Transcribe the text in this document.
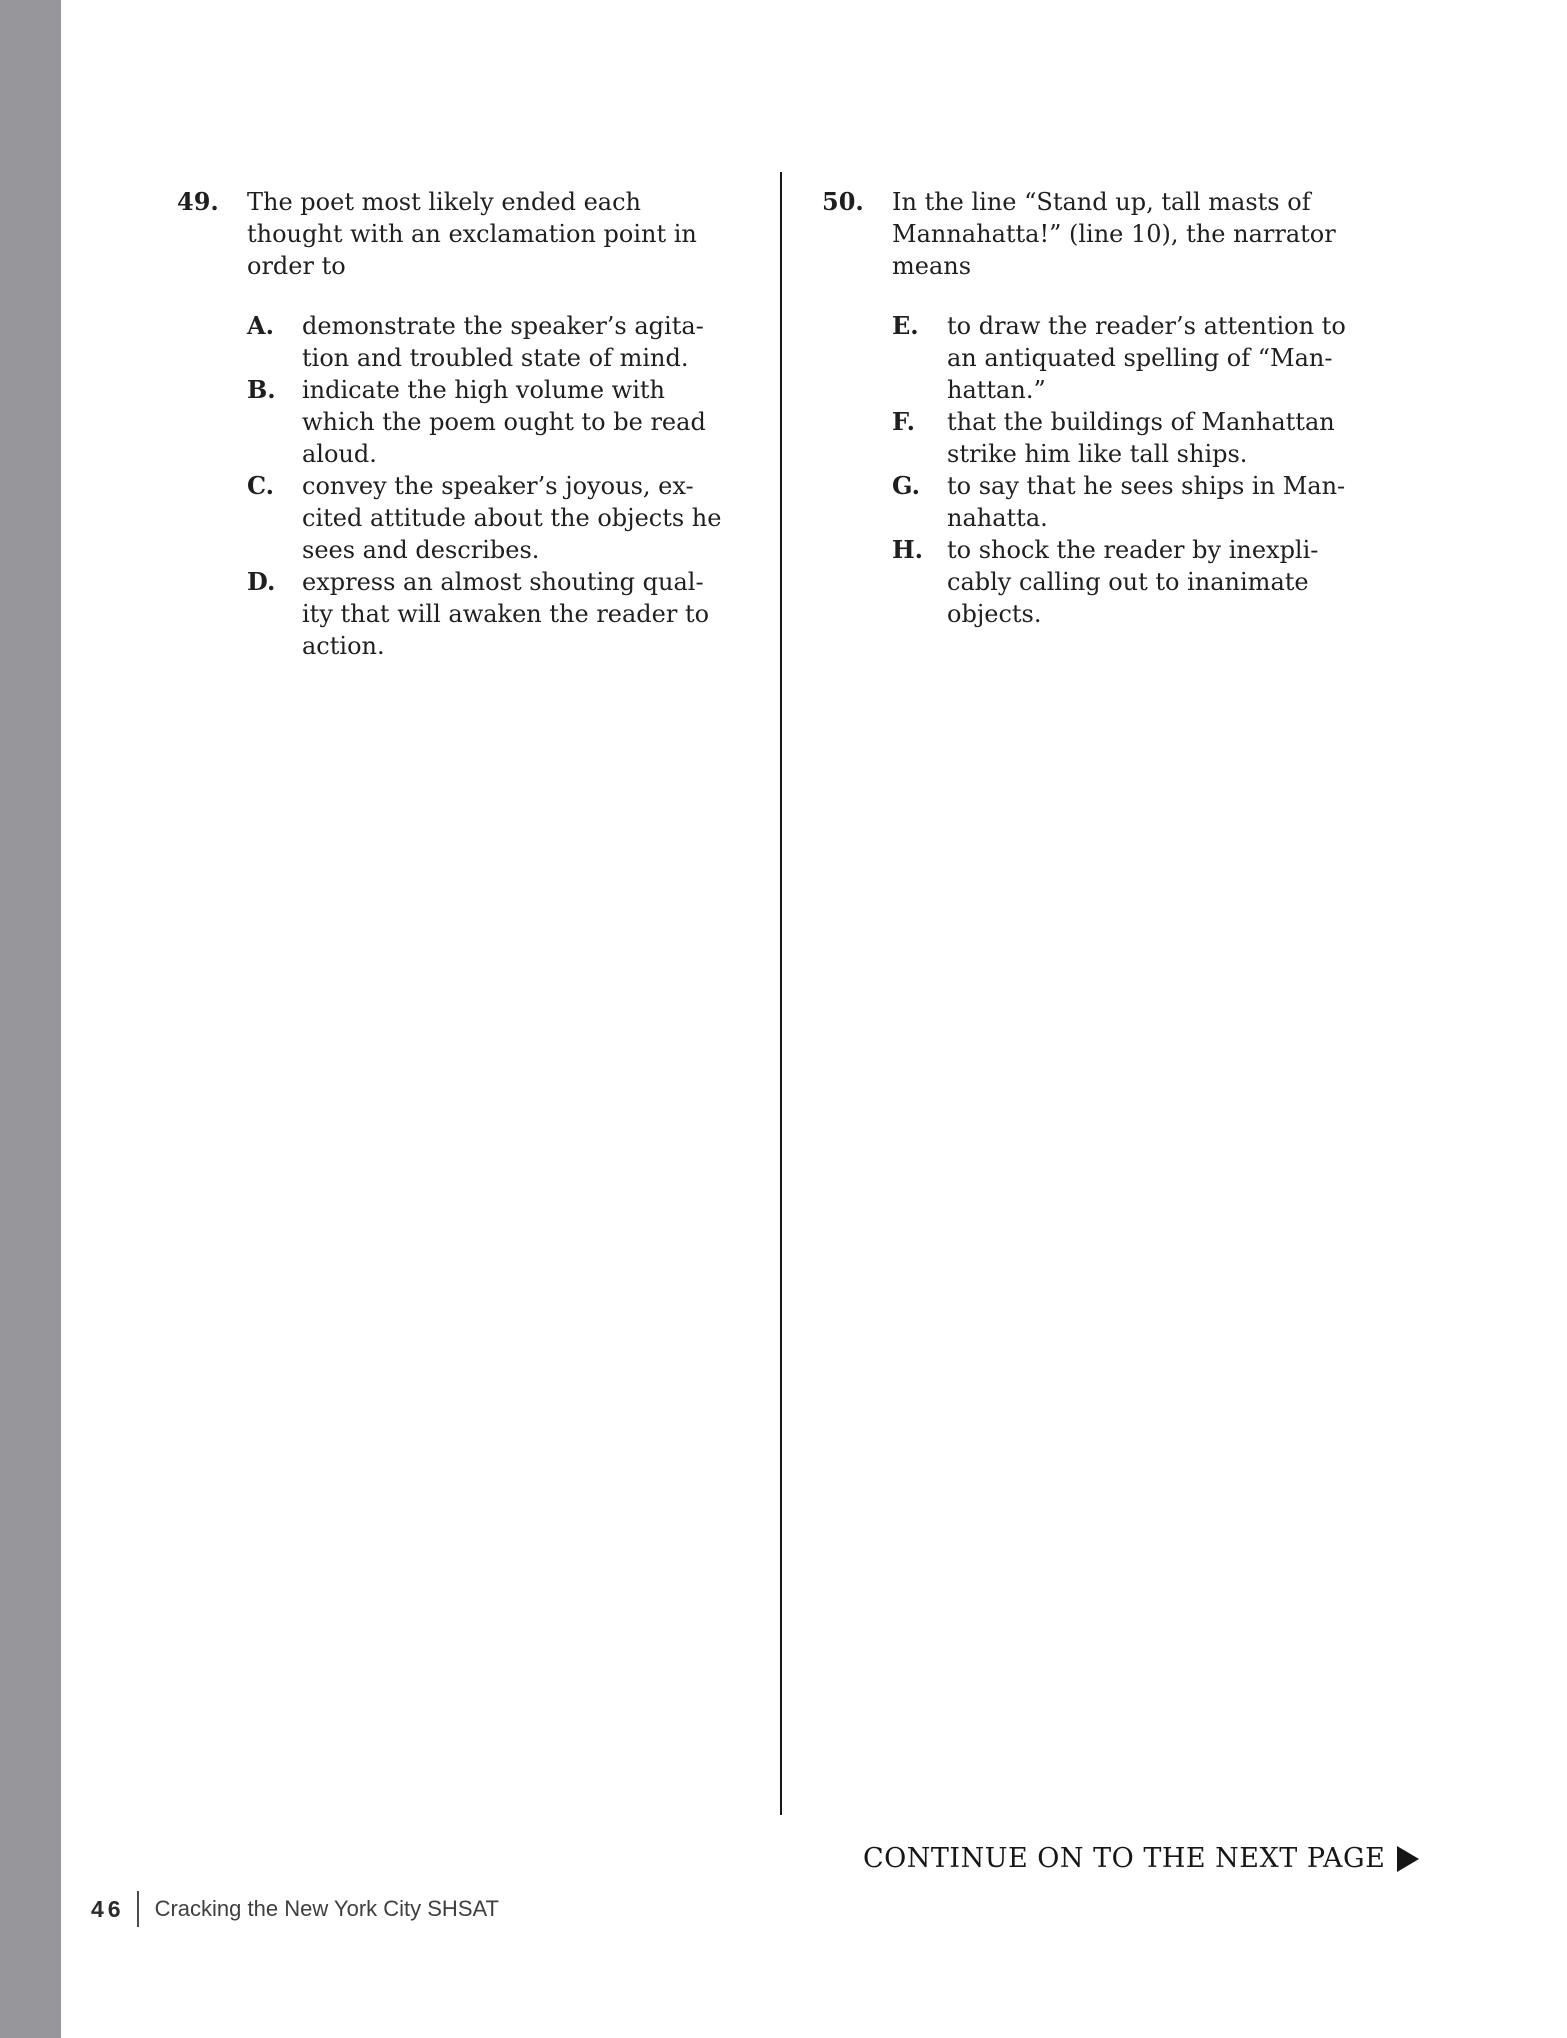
49.	The poet most likely ended each
thought with an exclamation point in
order to
A.	demonstrate the speaker’s agita-
tion and troubled state of mind.
B.	indicate the high volume with
which the poem ought to be read
aloud.
C.	convey the speaker’s joyous, ex-
cited attitude about the objects he
sees and describes.
D.	express an almost shouting qual-
ity that will awaken the reader to
action.
50.	In the line “Stand up, tall masts of
Mannahatta!” (line 10), the narrator
means
E.	to draw the reader’s attention to
an antiquated spelling of “Man-
hattan.”
F.	that the buildings of Manhattan
strike him like tall ships.
G.	to say that he sees ships in Man-
nahatta.
H. to shock the reader by inexpli-
cably calling out to inanimate
objects.
CONTINUE ON TO THE NEXT PAGE
46 Cracking the New York City SHSAT
